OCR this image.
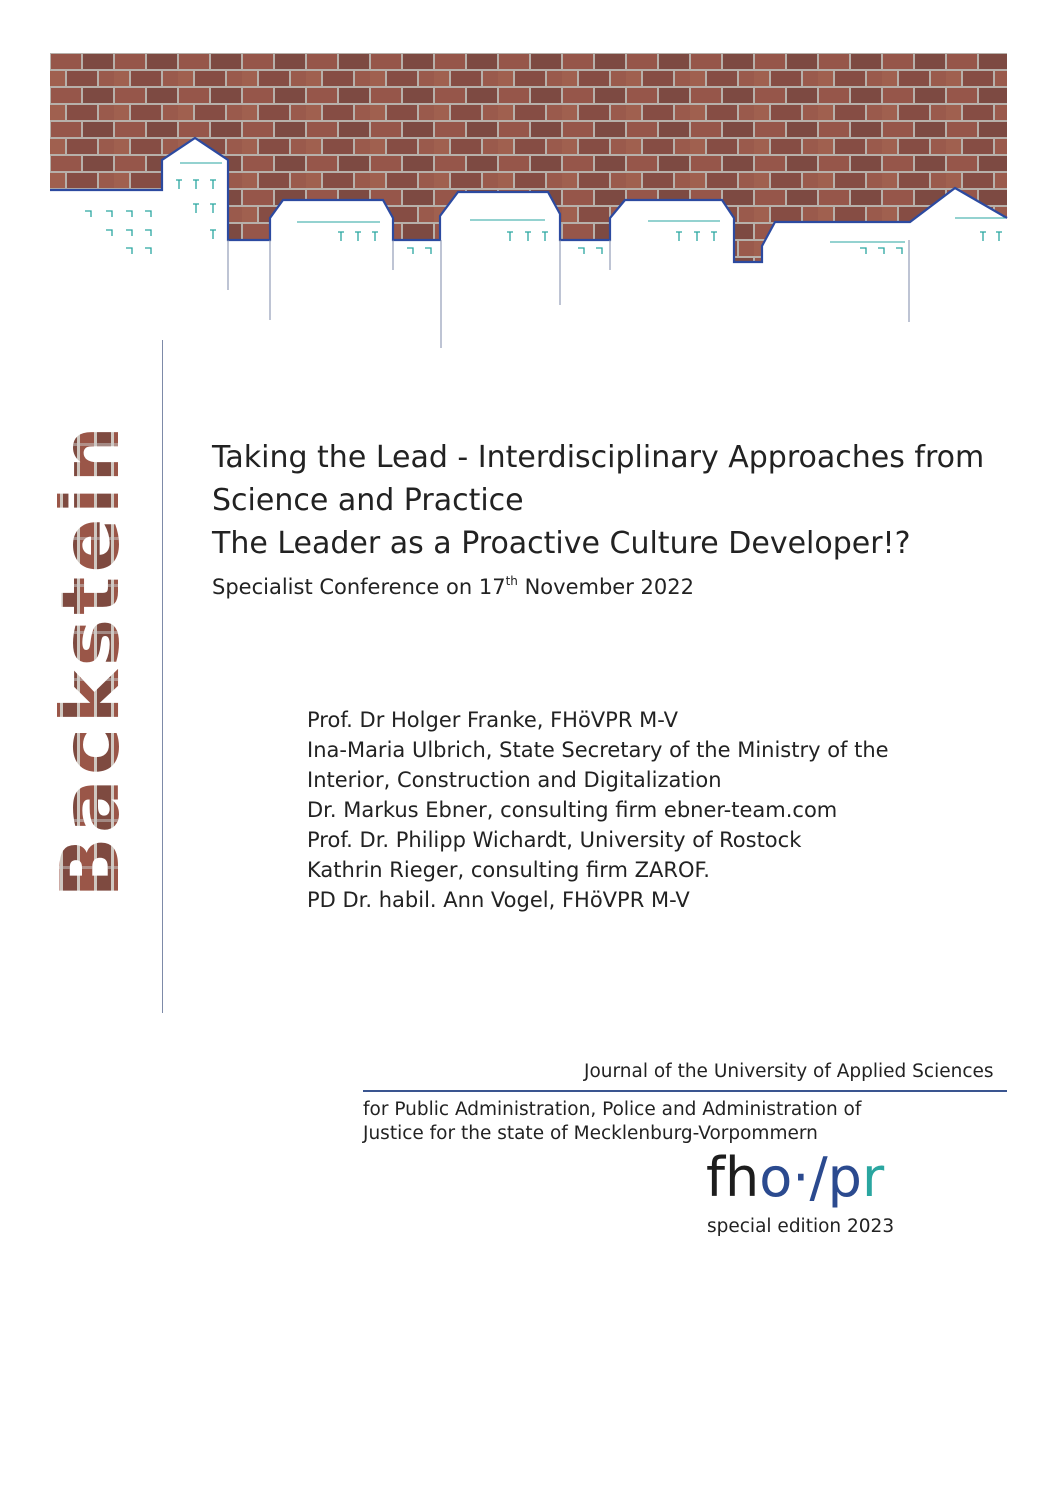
Backstein	Taking the Lead - Interdisciplinary Approaches from
Science and Practice
The Leader as a Proactive Culture Developer!?
Specialist Conference on 17th November 2022
Prof. Dr Holger Franke, FHöVPR M-V
Ina-Maria Ulbrich, State Secretary of the Ministry of the
Interior, Construction and Digitalization
Dr. Markus Ebner, consulting firm ebner-team.com
Prof. Dr. Philipp Wichardt, University of Rostock
Kathrin Rieger, consulting firm ZAROF.
PD Dr. habil. Ann Vogel, FHöVPR M-V
Journal of the University of Applied Sciences
for Public Administration, Police and Administration of
Justice for the state of Mecklenburg-Vorpommern
fho·/pr
special edition 2023
